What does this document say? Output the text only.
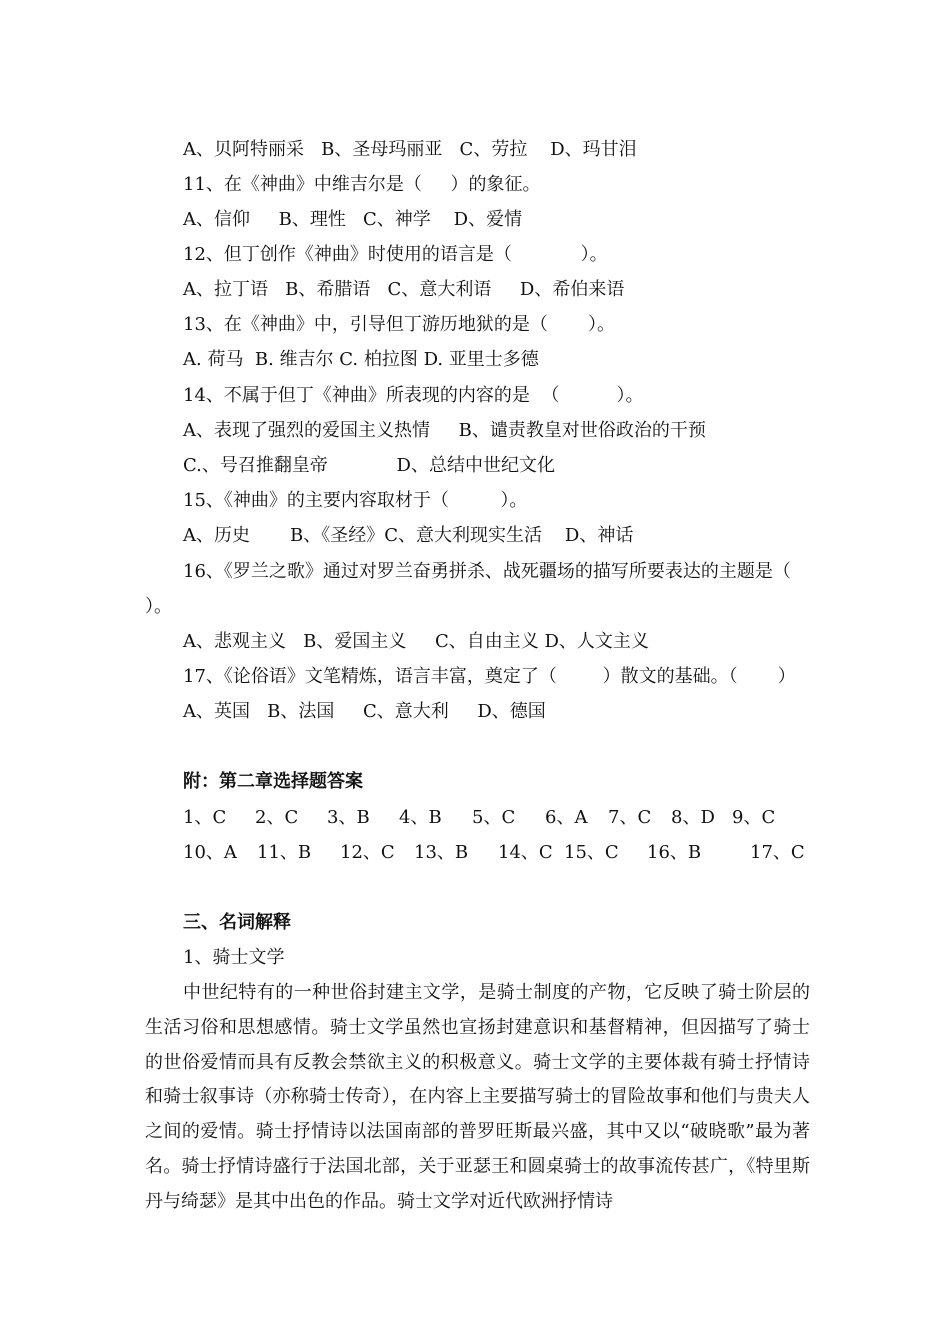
A、贝阿特丽采   B、圣母玛丽亚   C、劳拉    D、玛甘泪
11、在《神曲》中维吉尔是（     ）的象征。
A、信仰     B、理性   C、神学    D、爱情
12、但丁创作《神曲》时使用的语言是（            ）。
A、拉丁语   B、希腊语   C、意大利语     D、希伯来语
13、在《神曲》中，引导但丁游历地狱的是（       ）。
A. 荷马  B. 维吉尔 C. 柏拉图 D. 亚里士多德
14、不属于但丁《神曲》所表现的内容的是  （          ）。
A、表现了强烈的爱国主义热情     B、谴责教皇对世俗政治的干预
C.、号召推翻皇帝            D、总结中世纪文化
15、《神曲》的主要内容取材于（         ）。
A、历史       B、《圣经》C、意大利现实生活    D、神话
16、《罗兰之歌》通过对罗兰奋勇拼杀、战死疆场的描写所要表达的主题是（
）。
A、悲观主义   B、爱国主义     C、自由主义 D、人文主义
17、《论俗语》文笔精炼，语言丰富，奠定了（        ）散文的基础。（       ）
A、英国   B、法国     C、意大利     D、德国
附：第二章选择题答案
1、C 2、C 3、B 4、B 5、C 6、A 7、C 8、D 9、C
10、A 11、B 12、C 13、B 14、C 15、C 16、B	17、C
三、名词解释
1、骑士文学
中世纪特有的一种世俗封建主文学，是骑士制度的产物，它反映了骑士阶层的生活习俗和思想感情。骑士文学虽然也宣扬封建意识和基督精神，但因描写了骑士的世俗爱情而具有反教会禁欲主义的积极意义。骑士文学的主要体裁有骑士抒情诗和骑士叙事诗（亦称骑士传奇），在内容上主要描写骑士的冒险故事和他们与贵夫人之间的爱情。骑士抒情诗以法国南部的普罗旺斯最兴盛，其中又以“破晓歌”最为著名。骑士抒情诗盛行于法国北部，关于亚瑟王和圆桌骑士的故事流传甚广，《特里斯丹与绮瑟》是其中出色的作品。骑士文学对近代欧洲抒情诗
